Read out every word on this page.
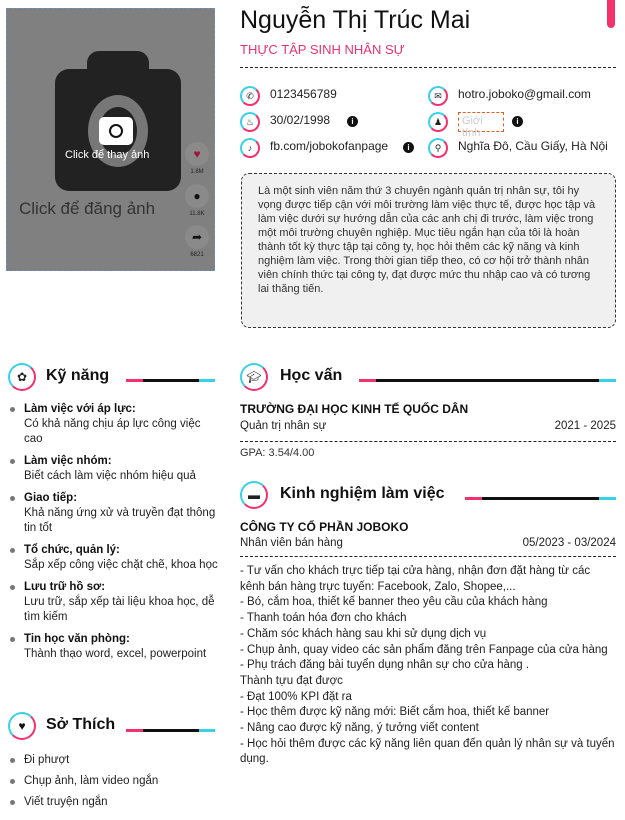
Click để thay ảnh	♥
1.8M
●
11.8K
➦
6821
Click để đăng ảnh
Nguyễn Thị Trúc Mai
THỰC TẬP SINH NHÂN SỰ
✆	0123456789	✉	hotro.joboko@gmail.com
♨	30/02/1998	i	♟	Giới tính
i
♪	fb.com/jobokofanpage	i	⚲	Nghĩa Đô, Cầu Giấy, Hà Nội
Là một sinh viên năm thứ 3 chuyên ngành quản trị nhân sự, tôi hy vọng được tiếp cận với môi trường làm việc thực tế, được học tập và làm việc dưới sự hướng dẫn của các anh chị đi trước, làm việc trong một môi trường chuyên nghiệp. Mục tiêu ngắn hạn của tôi là hoàn thành tốt kỳ thực tập tại công ty, học hỏi thêm các kỹ năng và kinh nghiệm làm việc. Trong thời gian tiếp theo, có cơ hội trở thành nhân viên chính thức tại công ty, đạt được mức thu nhập cao và có tương lai thăng tiến.
✿	Kỹ năng
Làm việc với áp lực:
Có khả năng chịu áp lực công việc cao
Làm việc nhóm:
Biết cách làm việc nhóm hiệu quả
Giao tiếp:
Khả năng ứng xử và truyền đạt thông tin tốt
Tổ chức, quản lý:
Sắp xếp công việc chặt chẽ, khoa học
Lưu trữ hồ sơ:
Lưu trữ, sắp xếp tài liệu khoa học, dễ tìm kiếm
Tin học văn phòng:
Thành thạo word, excel, powerpoint
♥	Sở Thích
Đi phượt
Chụp ảnh, làm video ngắn
Viết truyện ngắn
🎓︎	Học vấn
TRƯỜNG ĐẠI HỌC KINH TẾ QUỐC DÂN
Quản trị nhân sự	2021 - 2025
GPA: 3.54/4.00
▬	Kinh nghiệm làm việc
CÔNG TY CỔ PHẦN JOBOKO
Nhân viên bán hàng	05/2023 - 03/2024
- Tư vấn cho khách trực tiếp tại cửa hàng, nhận đơn đặt hàng từ các kênh bán hàng trực tuyến: Facebook, Zalo, Shopee,...
- Bó, cắm hoa, thiết kế banner theo yêu cầu của khách hàng
- Thanh toán hóa đơn cho khách
- Chăm sóc khách hàng sau khi sử dụng dịch vụ
- Chụp ảnh, quay video các sản phẩm đăng trên Fanpage của cửa hàng
- Phụ trách đăng bài tuyển dụng nhân sự cho cửa hàng .
Thành tựu đạt được
- Đạt 100% KPI đặt ra
- Học thêm được kỹ năng mới: Biết cắm hoa, thiết kế banner
- Nâng cao được kỹ năng, ý tưởng viết content
- Học hỏi thêm được các kỹ năng liên quan đến quản lý nhân sự và tuyển dụng.
